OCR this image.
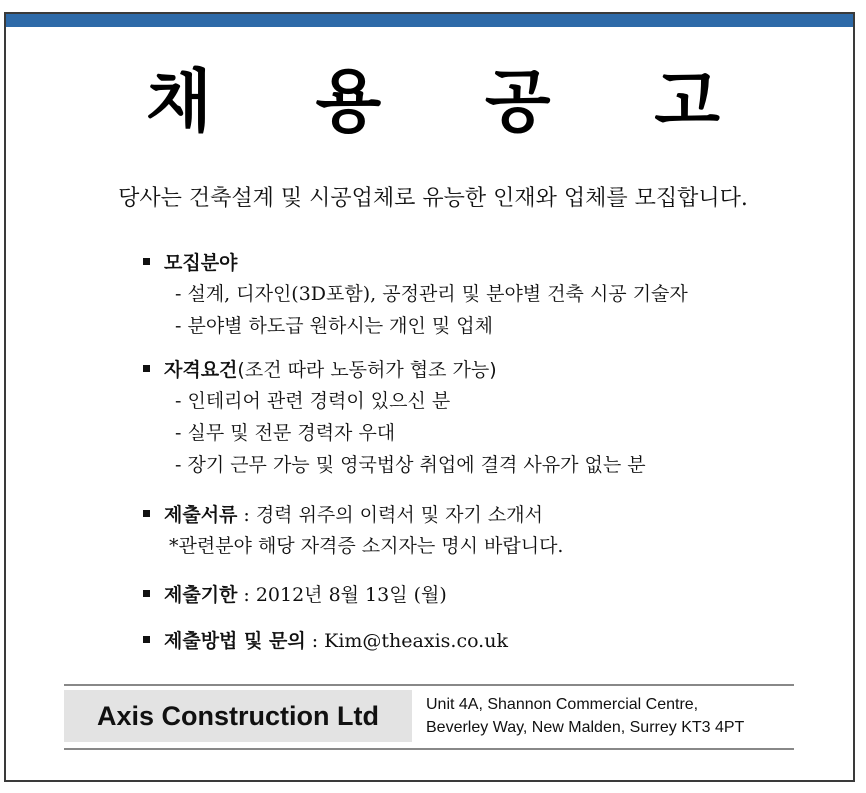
채 용 공 고
당사는 건축설계 및 시공업체로 유능한 인재와 업체를 모집합니다.
모집분야
- 설계, 디자인(3D포함), 공정관리 및 분야별 건축 시공 기술자
- 분야별 하도급 원하시는 개인 및 업체
자격요건(조건 따라 노동허가 협조 가능)
- 인테리어 관련 경력이 있으신 분
- 실무 및 전문 경력자 우대
- 장기 근무 가능 및 영국법상 취업에 결격 사유가 없는 분
제출서류 : 경력 위주의 이력서 및 자기 소개서
*관련분야 해당 자격증 소지자는 명시 바랍니다.
제출기한 : 2012년 8월 13일 (월)
제출방법 및 문의 : Kim@theaxis.co.uk
Axis Construction Ltd	Unit 4A, Shannon Commercial Centre,
Beverley Way, New Malden, Surrey KT3 4PT
